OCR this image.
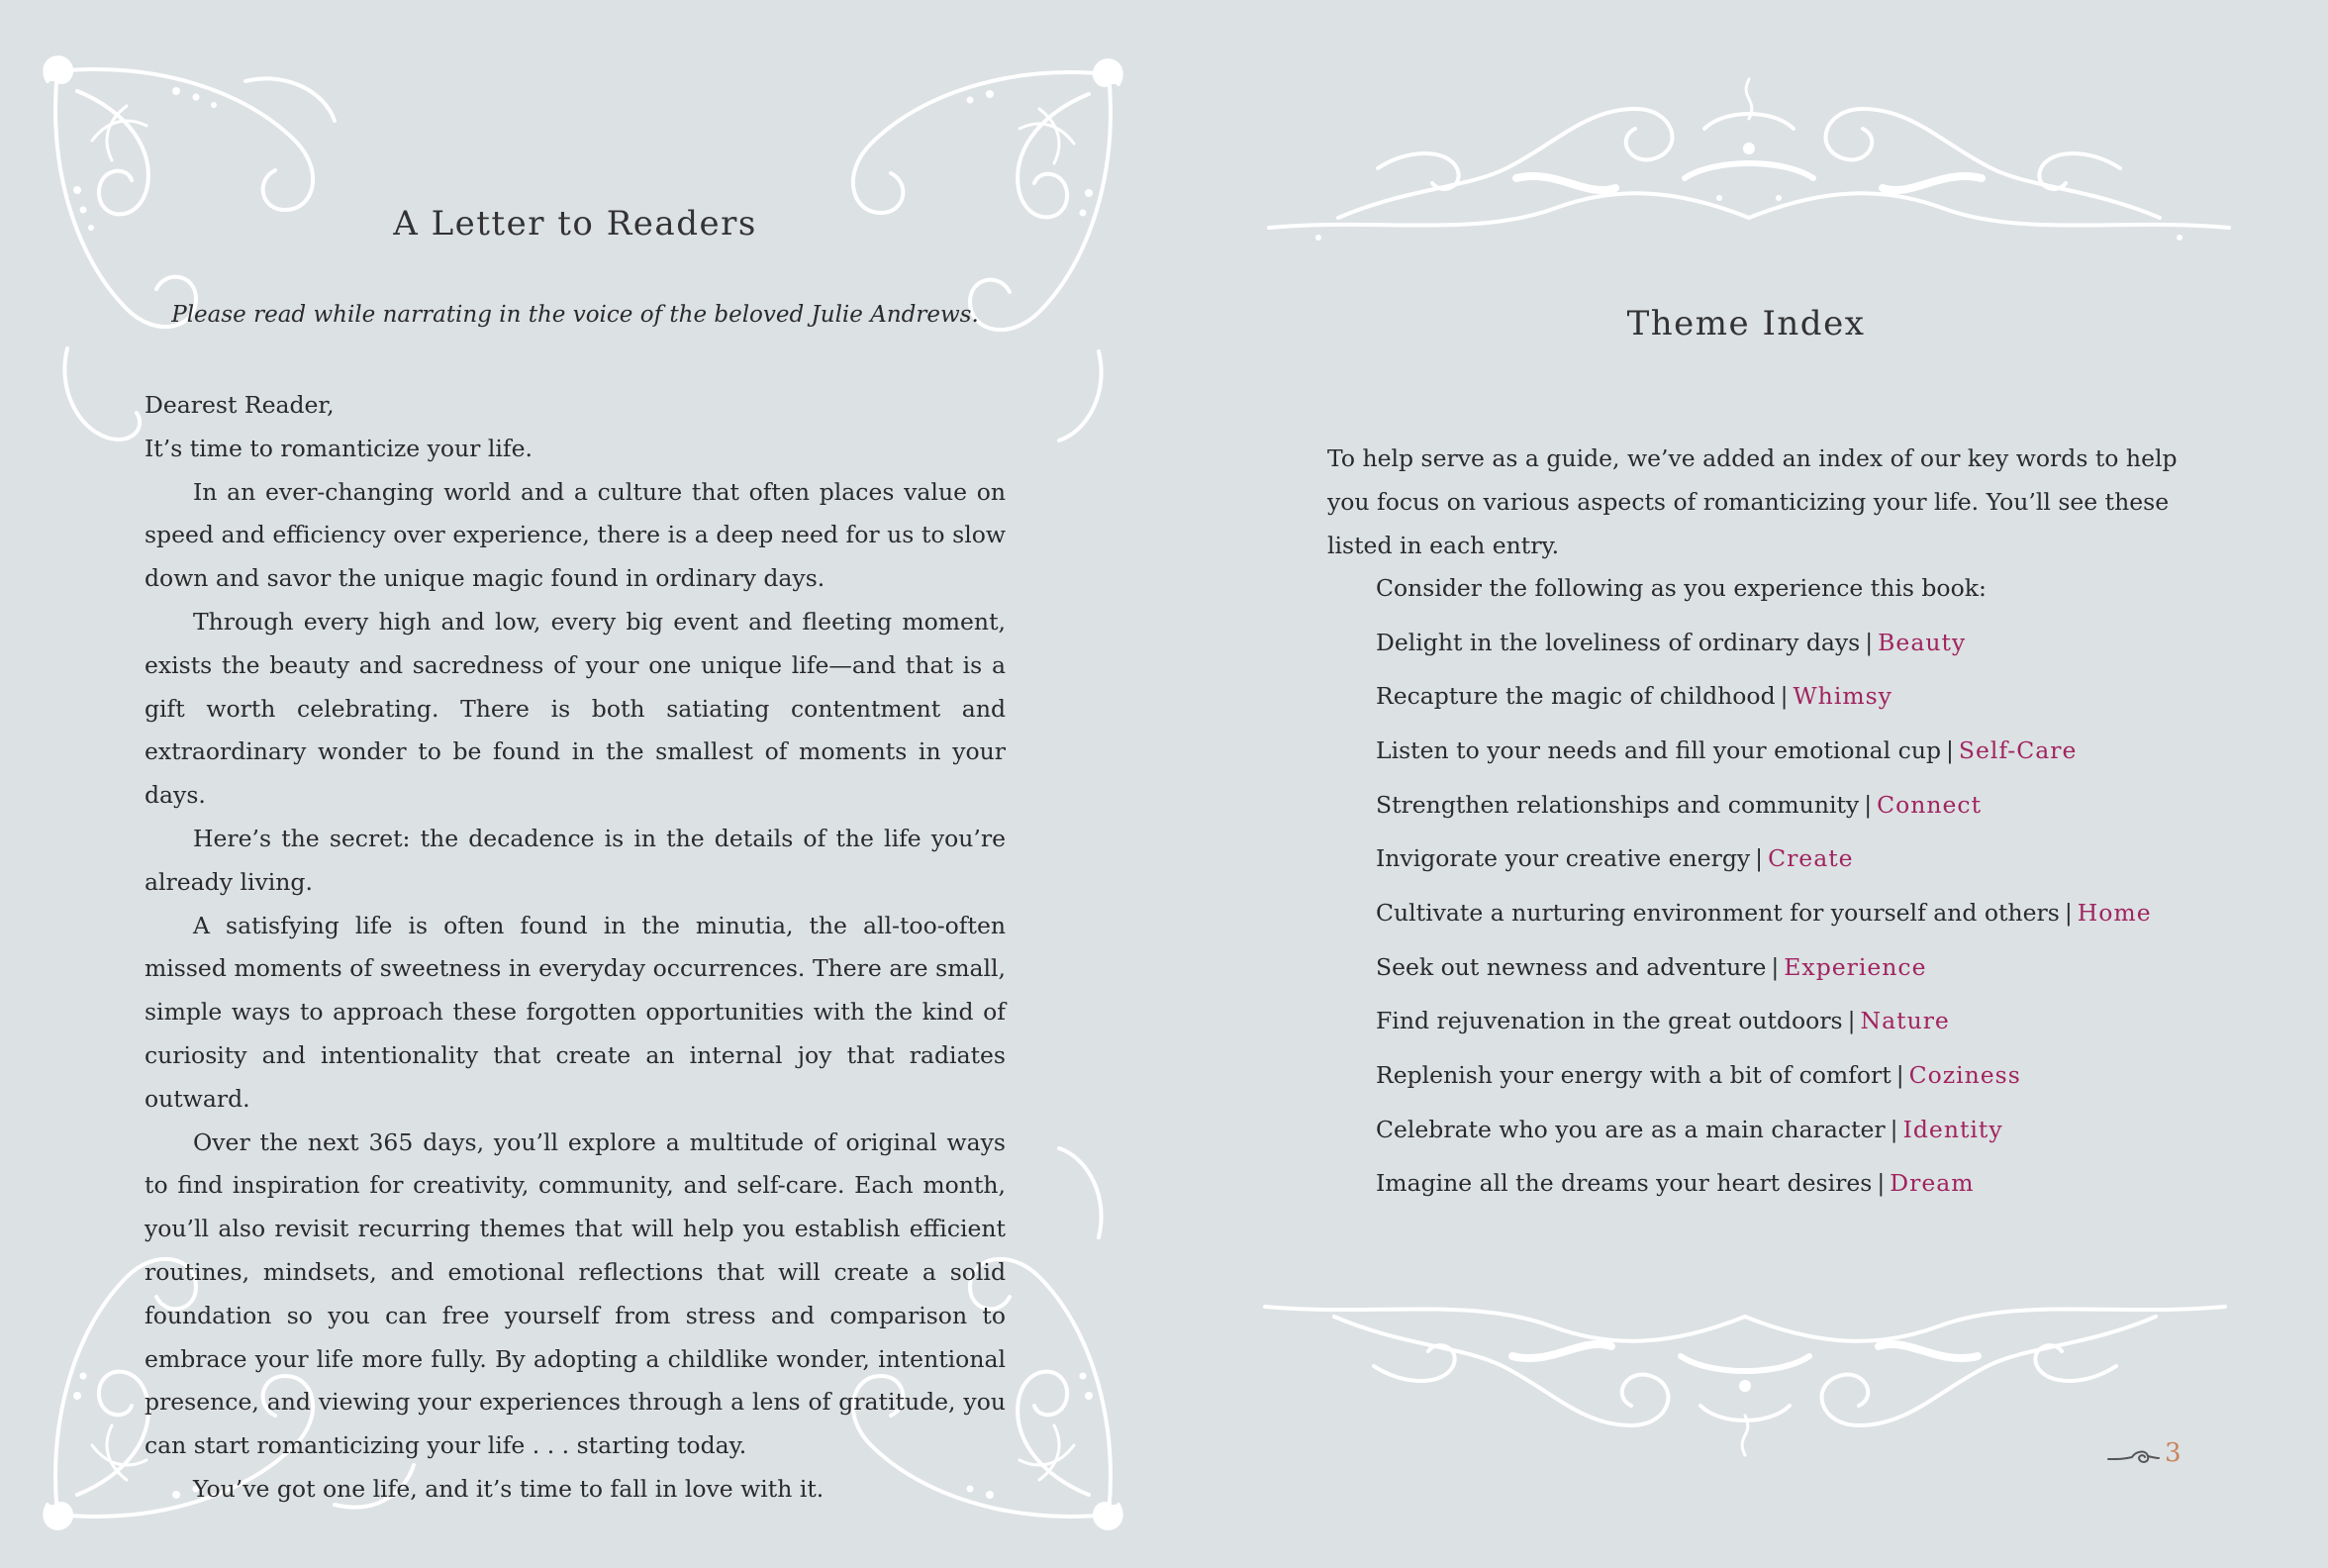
A Letter to Readers
Please read while narrating in the voice of the beloved Julie Andrews.

Dearest Reader,

It’s time to romanticize your life.

In an ever-changing world and a culture that often places value on speed and efficiency over experience, there is a deep need for us to slow down and savor the unique magic found in ordinary days.

Through every high and low, every big event and fleeting moment, exists the beauty and sacredness of your one unique life—and that is a gift worth celebrating. There is both satiating contentment and extraordinary wonder to be found in the smallest of moments in your days.

Here’s the secret: the decadence is in the details of the life you’re already living.

A satisfying life is often found in the minutia, the all-too-often missed moments of sweetness in everyday occurrences. There are small, simple ways to approach these forgotten opportunities with the kind of curiosity and intentionality that create an internal joy that radiates outward.

Over the next 365 days, you’ll explore a multitude of original ways to find inspiration for creativity, community, and self-care. Each month, you’ll also revisit recurring themes that will help you establish efficient routines, mindsets, and emotional reflections that will create a solid foundation so you can free yourself from stress and comparison to embrace your life more fully. By adopting a childlike wonder, intentional presence, and viewing your experiences through a lens of gratitude, you can start romanticizing your life . . . starting today.

You’ve got one life, and it’s time to fall in love with it.

Theme Index
To help serve as a guide, we’ve added an index of our key words to help you focus on various aspects of romanticizing your life. You’ll see these listed in each entry.
Consider the following as you experience this book:
Delight in the loveliness of ordinary days | Beauty
Recapture the magic of childhood | Whimsy
Listen to your needs and fill your emotional cup | Self-Care
Strengthen relationships and community | Connect
Invigorate your creative energy | Create
Cultivate a nurturing environment for yourself and others | Home
Seek out newness and adventure | Experience
Find rejuvenation in the great outdoors | Nature
Replenish your energy with a bit of comfort | Coziness
Celebrate who you are as a main character | Identity
Imagine all the dreams your heart desires | Dream
3
